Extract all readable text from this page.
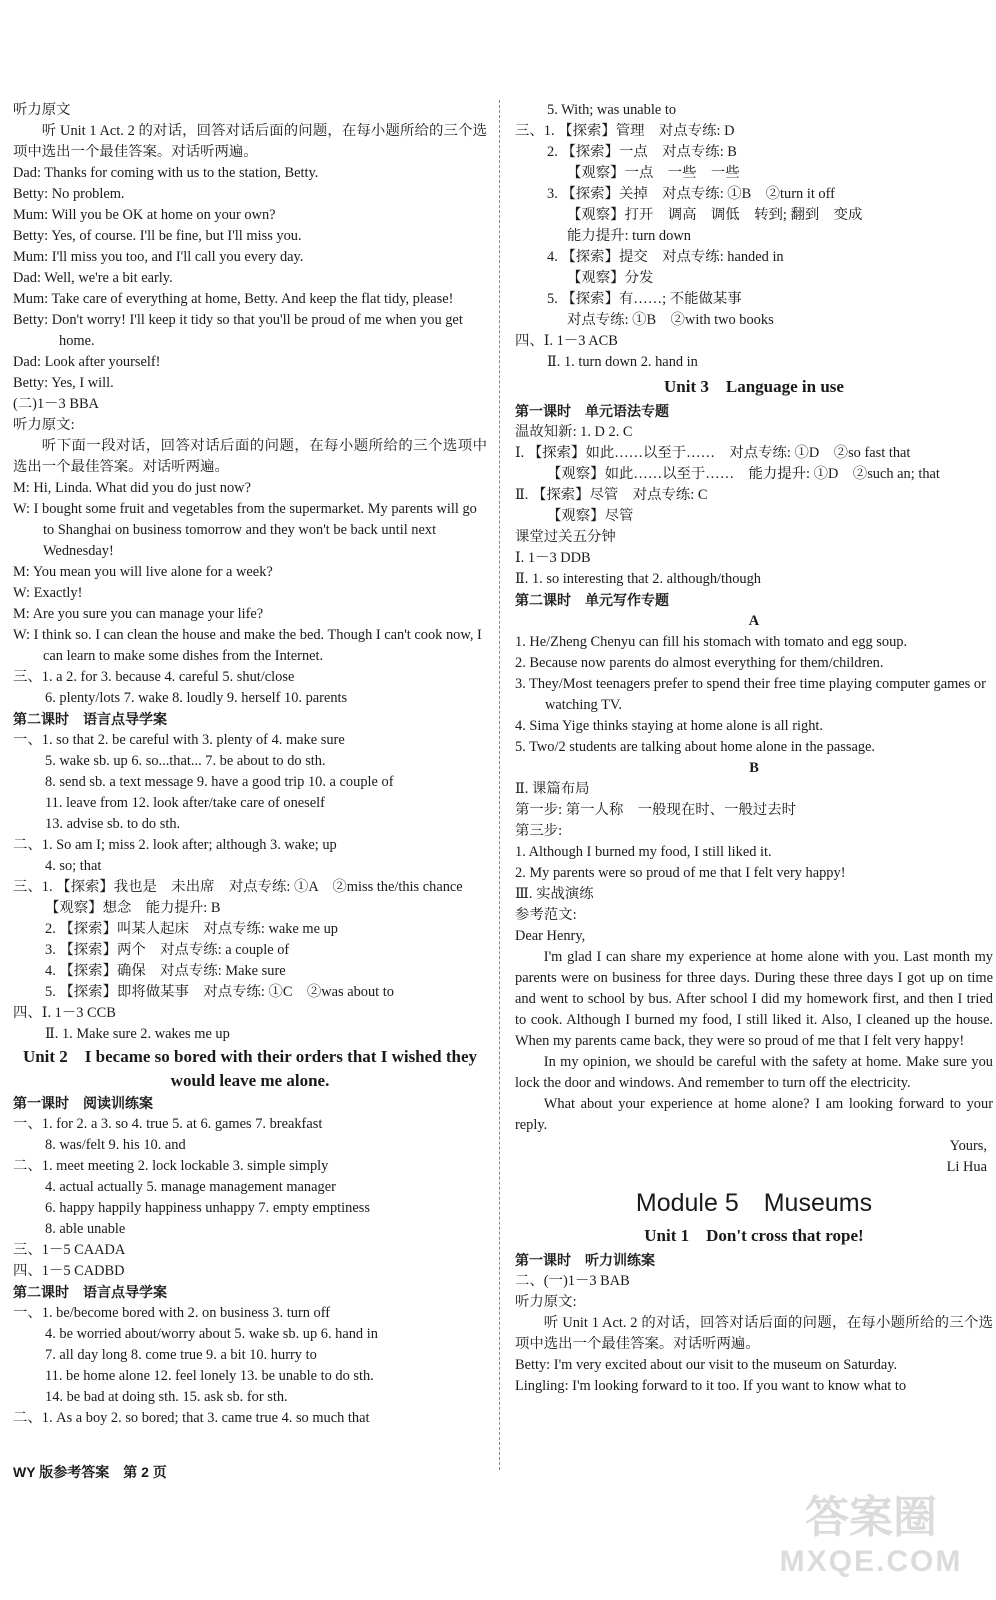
听力原文
听 Unit 1 Act. 2 的对话，回答对话后面的问题，在每小题所给的三个选项中选出一个最佳答案。对话听两遍。
Dad: Thanks for coming with us to the station, Betty.
Betty: No problem.
Mum: Will you be OK at home on your own?
Betty: Yes, of course. I'll be fine, but I'll miss you.
Mum: I'll miss you too, and I'll call you every day.
Dad: Well, we're a bit early.
Mum: Take care of everything at home, Betty. And keep the flat tidy, please!
Betty: Don't worry! I'll keep it tidy so that you'll be proud of me when you get home.
Dad: Look after yourself!
Betty: Yes, I will.
(二)1－3 BBA
听力原文:
听下面一段对话，回答对话后面的问题，在每小题所给的三个选项中选出一个最佳答案。对话听两遍。
M: Hi, Linda. What did you do just now?
W: I bought some fruit and vegetables from the supermarket. My parents will go to Shanghai on business tomorrow and they won't be back until next Wednesday!
M: You mean you will live alone for a week?
W: Exactly!
M: Are you sure you can manage your life?
W: I think so. I can clean the house and make the bed. Though I can't cook now, I can learn to make some dishes from the Internet.
三、1. a 2. for 3. because 4. careful 5. shut/close
6. plenty/lots 7. wake 8. loudly 9. herself 10. parents
第二课时　语言点导学案
一、1. so that 2. be careful with 3. plenty of 4. make sure
5. wake sb. up 6. so...that... 7. be about to do sth.
8. send sb. a text message 9. have a good trip 10. a couple of
11. leave from 12. look after/take care of oneself
13. advise sb. to do sth.
二、1. So am I; miss 2. look after; although 3. wake; up
4. so; that
三、1. 【探索】我也是　未出席　对点专练: ①A　②miss the/this chance
【观察】想念　能力提升: B
2. 【探索】叫某人起床　对点专练: wake me up
3. 【探索】两个　对点专练: a couple of
4. 【探索】确保　对点专练: Make sure
5. 【探索】即将做某事　对点专练: ①C　②was about to
四、Ⅰ. 1－3 CCB
Ⅱ. 1. Make sure 2. wakes me up
Unit 2　I became so bored with their orders that I wished they would leave me alone.
第一课时　阅读训练案
一、1. for 2. a 3. so 4. true 5. at 6. games 7. breakfast
8. was/felt 9. his 10. and
二、1. meet meeting 2. lock lockable 3. simple simply
4. actual actually 5. manage management manager
6. happy happily happiness unhappy 7. empty emptiness
8. able unable
三、1－5 CAADA
四、1－5 CADBD
第二课时　语言点导学案
一、1. be/become bored with 2. on business 3. turn off
4. be worried about/worry about 5. wake sb. up 6. hand in
7. all day long 8. come true 9. a bit 10. hurry to
11. be home alone 12. feel lonely 13. be unable to do sth.
14. be bad at doing sth. 15. ask sb. for sth.
二、1. As a boy 2. so bored; that 3. came true 4. so much that
5. With; was unable to
三、1. 【探索】管理　对点专练: D
2. 【探索】一点　对点专练: B
【观察】一点　一些　一些
3. 【探索】关掉　对点专练: ①B　②turn it off
【观察】打开　调高　调低　转到; 翻到　变成
能力提升: turn down
4. 【探索】提交　对点专练: handed in
【观察】分发
5. 【探索】有……; 不能做某事
对点专练: ①B　②with two books
四、Ⅰ. 1－3 ACB
Ⅱ. 1. turn down 2. hand in
Unit 3　Language in use
第一课时　单元语法专题
温故知新: 1. D 2. C
Ⅰ. 【探索】如此……以至于……　对点专练: ①D　②so fast that
【观察】如此……以至于……　能力提升: ①D　②such an; that
Ⅱ. 【探索】尽管　对点专练: C
【观察】尽管
课堂过关五分钟
Ⅰ. 1－3 DDB
Ⅱ. 1. so interesting that 2. although/though
第二课时　单元写作专题
A
1. He/Zheng Chenyu can fill his stomach with tomato and egg soup.
2. Because now parents do almost everything for them/children.
3. They/Most teenagers prefer to spend their free time playing computer games or watching TV.
4. Sima Yige thinks staying at home alone is all right.
5. Two/2 students are talking about home alone in the passage.
B
Ⅱ. 课篇布局
第一步: 第一人称　一般现在时、一般过去时
第三步:
1. Although I burned my food, I still liked it.
2. My parents were so proud of me that I felt very happy!
Ⅲ. 实战演练
参考范文:
Dear Henry,
I'm glad I can share my experience at home alone with you. Last month my parents were on business for three days. During these three days I got up on time and went to school by bus. After school I did my homework first, and then I tried to cook. Although I burned my food, I still liked it. Also, I cleaned up the house. When my parents came back, they were so proud of me that I felt very happy!
In my opinion, we should be careful with the safety at home. Make sure you lock the door and windows. And remember to turn off the electricity.
What about your experience at home alone? I am looking forward to your reply.
Yours,
Li Hua
Module 5　Museums
Unit 1　Don't cross that rope!
第一课时　听力训练案
二、(一)1－3 BAB
听力原文:
听 Unit 1 Act. 2 的对话，回答对话后面的问题，在每小题所给的三个选项中选出一个最佳答案。对话听两遍。
Betty: I'm very excited about our visit to the museum on Saturday.
Lingling: I'm looking forward to it too. If you want to know what to
WY 版参考答案　第 2 页
答案圈
MXQE.COM
